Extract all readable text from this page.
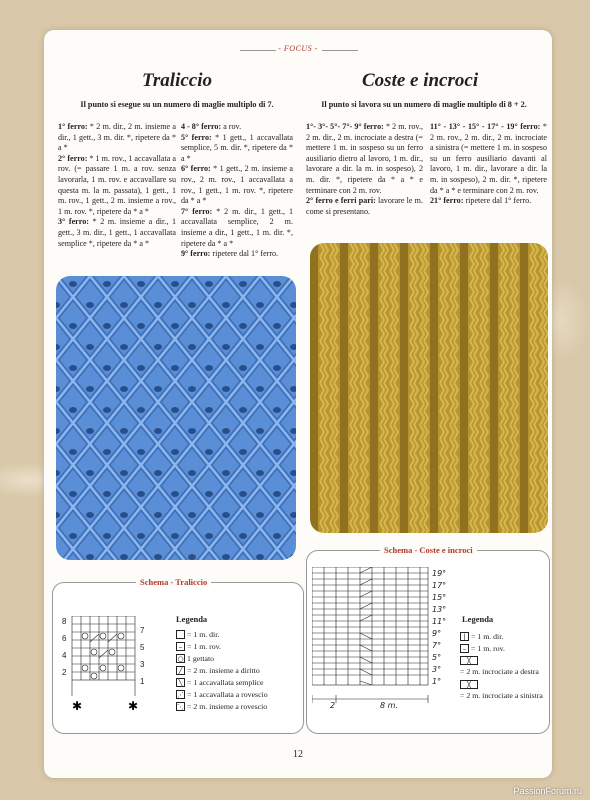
- FOCUS -
Traliccio
Il punto si esegue su un numero di maglie multiplo di 7.
Coste e incroci
Il punto si lavora su un numero di maglie multiplo di 8 + 2.
1° ferro: * 2 m. dir., 2 m. insieme a dir., 1 gett., 3 m. dir. *, ripetere da * a *
2° ferro: * 1 m. rov., 1 accavallata a rov. (= passare 1 m. a rov. senza lavorarla, 1 m. rov. e accavallare su questa m. la m. passata), 1 gett., 1 m. rov., 1 gett., 2 m. insieme a rov., 1 m. rov. *, ripetere da * a *
3° ferro: * 2 m. insieme a dir., 1 gett., 3 m. dir., 1 gett., 1 accavallata semplice *, ripetere da * a *
4 - 8° ferro: a rov.
5° ferro: * 1 gett., 1 accavallata semplice, 5 m. dir. *, ripetere da * a *
6° ferro: * 1 gett., 2 m. insieme a rov., 2 m. rov., 1 accavallata a rov., 1 gett., 1 m. rov. *, ripetere da * a *
7° ferro: * 2 m. dir., 1 gett., 1 accavallata semplice, 2 m. insieme a dir., 1 gett., 1 m. dir. *, ripetere da * a *
9° ferro: ripetere dal 1° ferro.
1°- 3°- 5°- 7°- 9° ferro: * 2 m. rov., 2 m. dir., 2 m. incrociate a destra (= mettere 1 m. in sospeso su un ferro ausiliario dietro al lavoro, 1 m. dir., lavorare a dir. la m. in sospeso), 2 m. dir. *, ripetere da * a * e terminare con 2 m. rov.
2° ferro e ferri pari: lavorare le m. come si presentano.
11° - 13° - 15° - 17° - 19° ferro: * 2 m. rov., 2 m. dir., 2 m. incrociate a sinistra (= mettere 1 m. in sospeso su un ferro ausiliario davanti al lavoro, 1 m. dir., lavorare a dir. la m. in sospeso), 2 m. dir. *, ripetere da * a * e terminare con 2 m. rov.
21° ferro: ripetere dal 1° ferro.
Schema - Traliccio
✱	✱
8
6
4
2
7
5
3
1
Legenda
= 1 m. dir.
– = 1 m. rov.
○ 1 gettato
╱ = 2 m. insieme a diritto
╲ = 1 accavallata semplice
⋰ = 1 accavallata a rovescio
⋱ = 2 m. insieme a rovescio
Schema - Coste e incroci
2	8 m.
19°
17°
15°
13°
11°
9°
7°
5°
3°
1°
Legenda
| = 1 m. dir.
– = 1 m. rov.
╳
= 2 m. incrociate a destra
╳
= 2 m. incrociate a sinistra
12
PassionForum.ru
